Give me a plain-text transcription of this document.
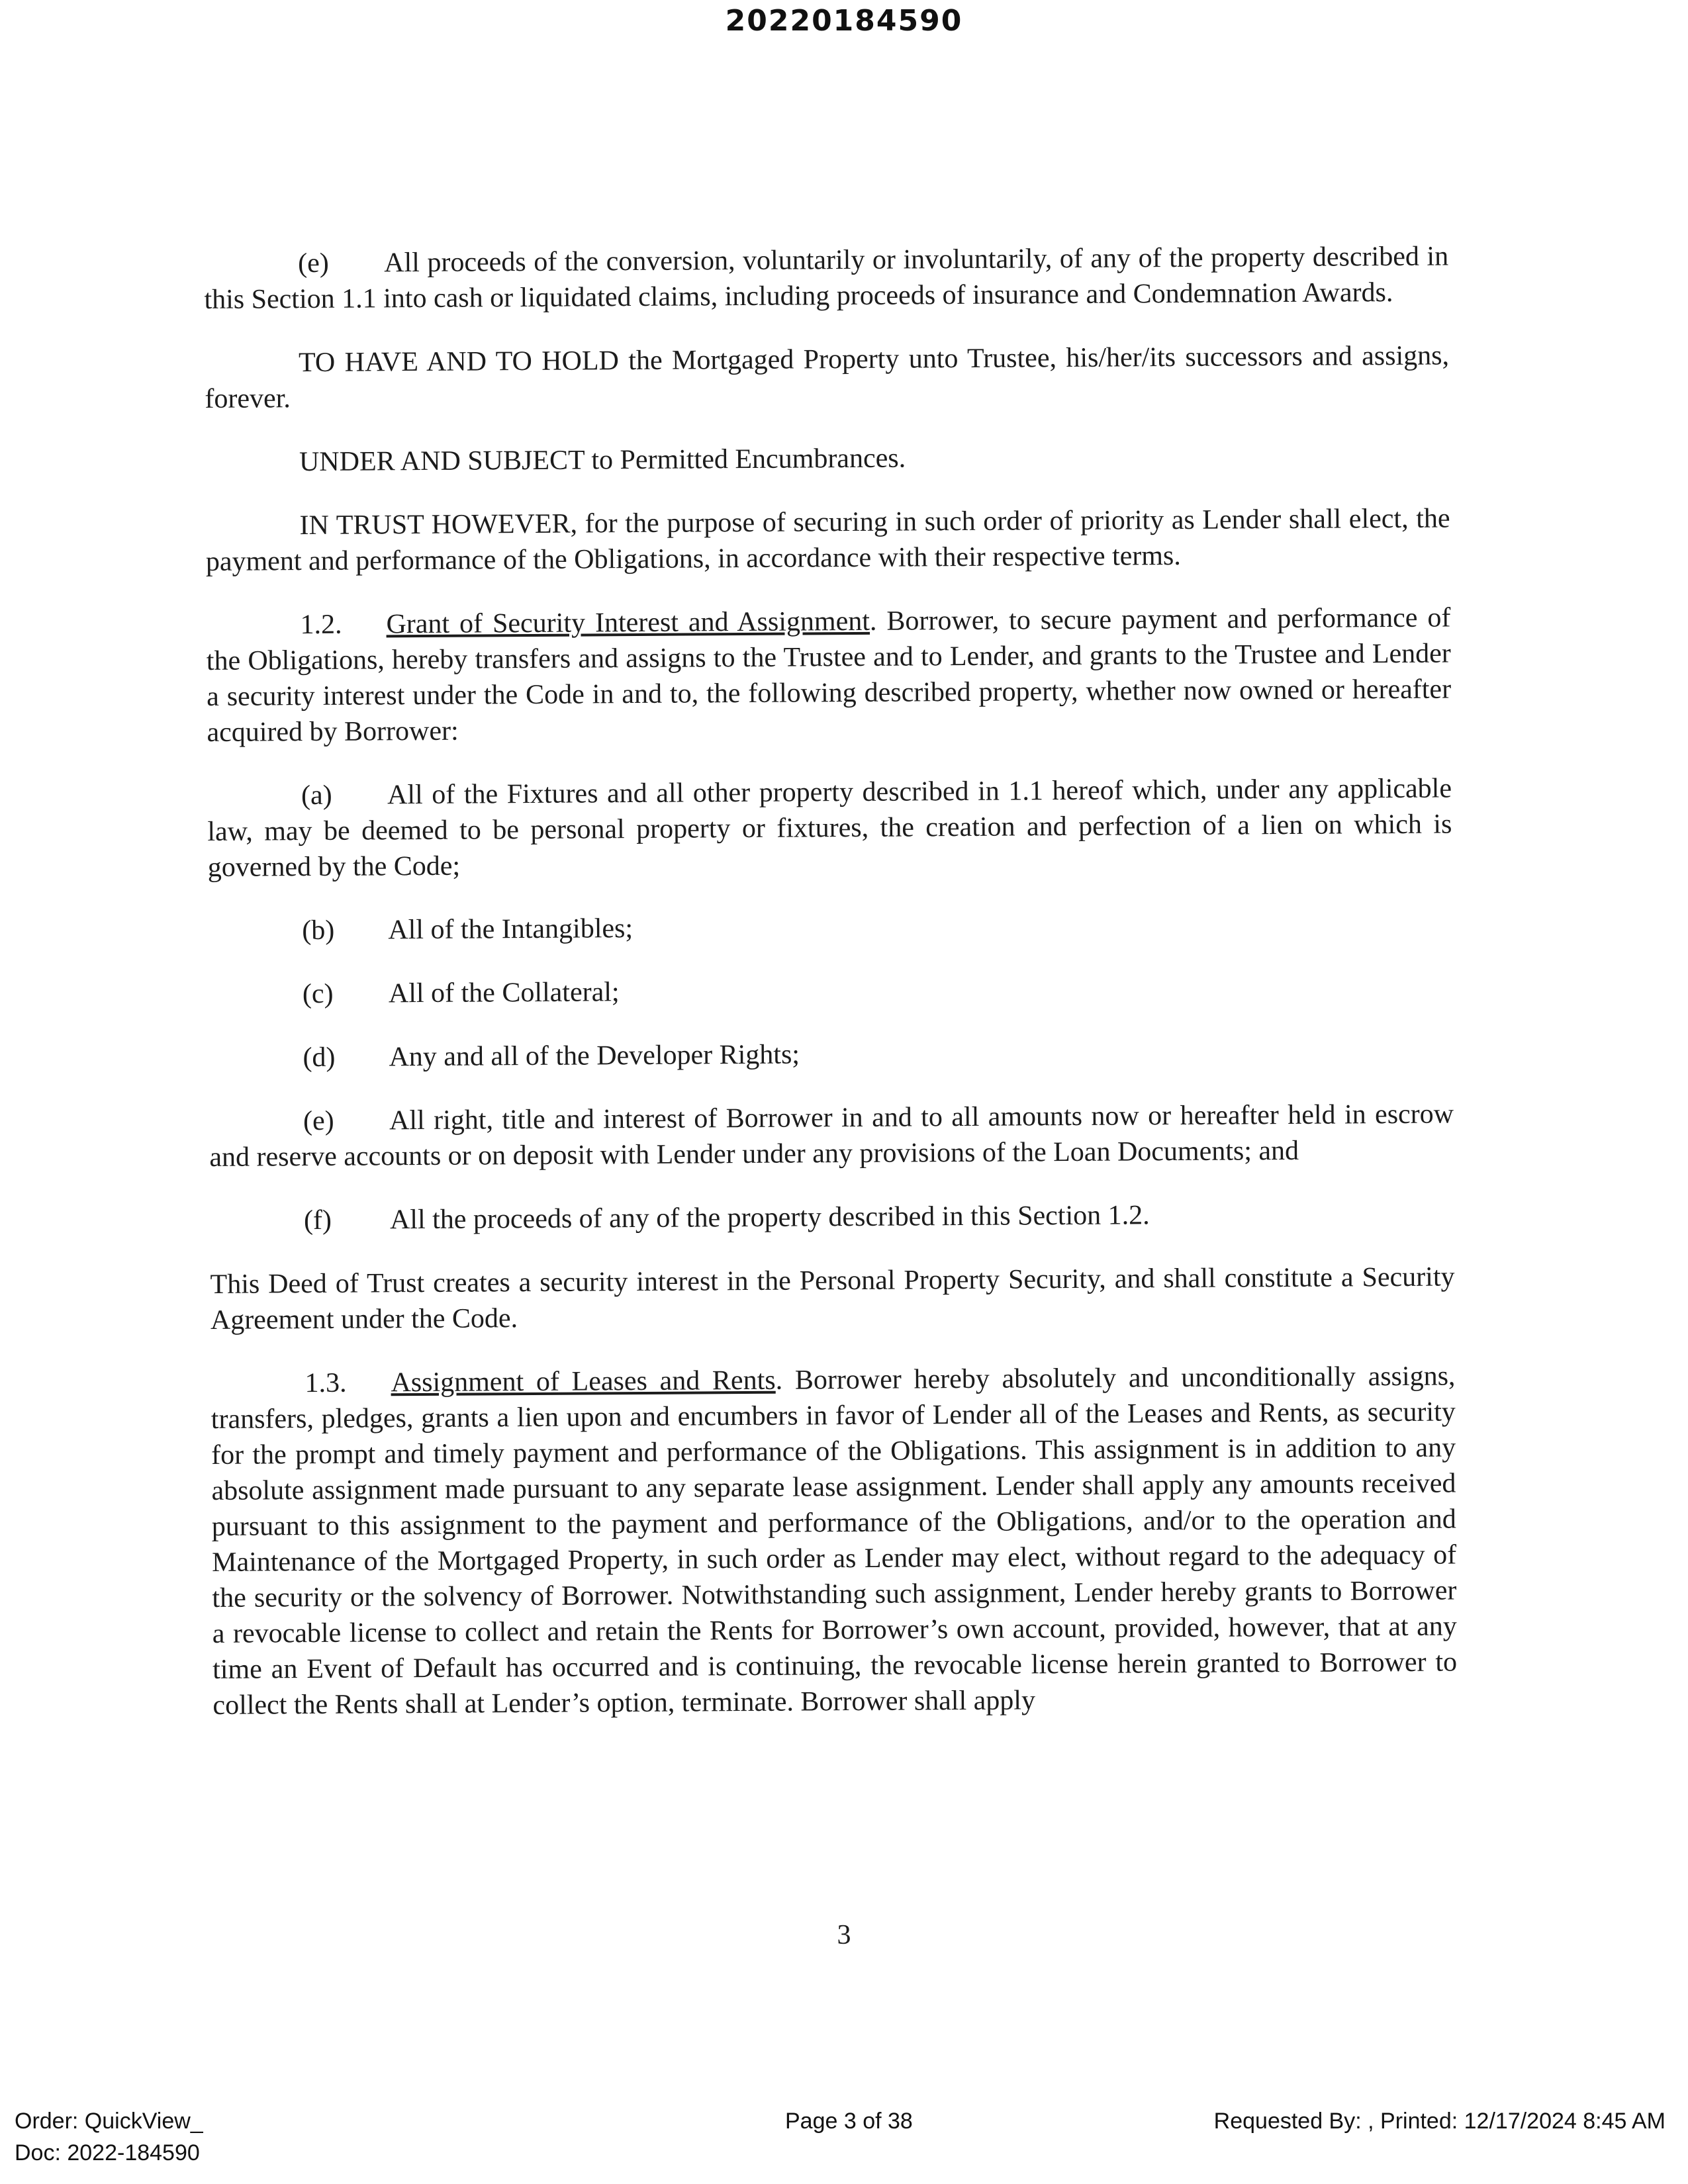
20220184590

(e) All proceeds of the conversion, voluntarily or involuntarily, of any of the property described in this Section 1.1 into cash or liquidated claims, including proceeds of insurance and Condemnation Awards.

TO HAVE AND TO HOLD the Mortgaged Property unto Trustee, his/her/its successors and assigns, forever.

UNDER AND SUBJECT to Permitted Encumbrances.

IN TRUST HOWEVER, for the purpose of securing in such order of priority as Lender shall elect, the payment and performance of the Obligations, in accordance with their respective terms.

1.2. Grant of Security Interest and Assignment. Borrower, to secure payment and performance of the Obligations, hereby transfers and assigns to the Trustee and to Lender, and grants to the Trustee and Lender a security interest under the Code in and to, the following described property, whether now owned or hereafter acquired by Borrower:

(a) All of the Fixtures and all other property described in 1.1 hereof which, under any applicable law, may be deemed to be personal property or fixtures, the creation and perfection of a lien on which is governed by the Code;

(b) All of the Intangibles;

(c) All of the Collateral;

(d) Any and all of the Developer Rights;

(e) All right, title and interest of Borrower in and to all amounts now or hereafter held in escrow and reserve accounts or on deposit with Lender under any provisions of the Loan Documents; and

(f) All the proceeds of any of the property described in this Section 1.2.

This Deed of Trust creates a security interest in the Personal Property Security, and shall constitute a Security Agreement under the Code.

1.3. Assignment of Leases and Rents. Borrower hereby absolutely and unconditionally assigns, transfers, pledges, grants a lien upon and encumbers in favor of Lender all of the Leases and Rents, as security for the prompt and timely payment and performance of the Obligations. This assignment is in addition to any absolute assignment made pursuant to any separate lease assignment. Lender shall apply any amounts received pursuant to this assignment to the payment and performance of the Obligations, and/or to the operation and Maintenance of the Mortgaged Property, in such order as Lender may elect, without regard to the adequacy of the security or the solvency of Borrower. Notwithstanding such assignment, Lender hereby grants to Borrower a revocable license to collect and retain the Rents for Borrower’s own account, provided, however, that at any time an Event of Default has occurred and is continuing, the revocable license herein granted to Borrower to collect the Rents shall at Lender’s option, terminate. Borrower shall apply

3
Order: QuickView_
Doc: 2022-184590
Page 3 of 38	Requested By: , Printed: 12/17/2024 8:45 AM
